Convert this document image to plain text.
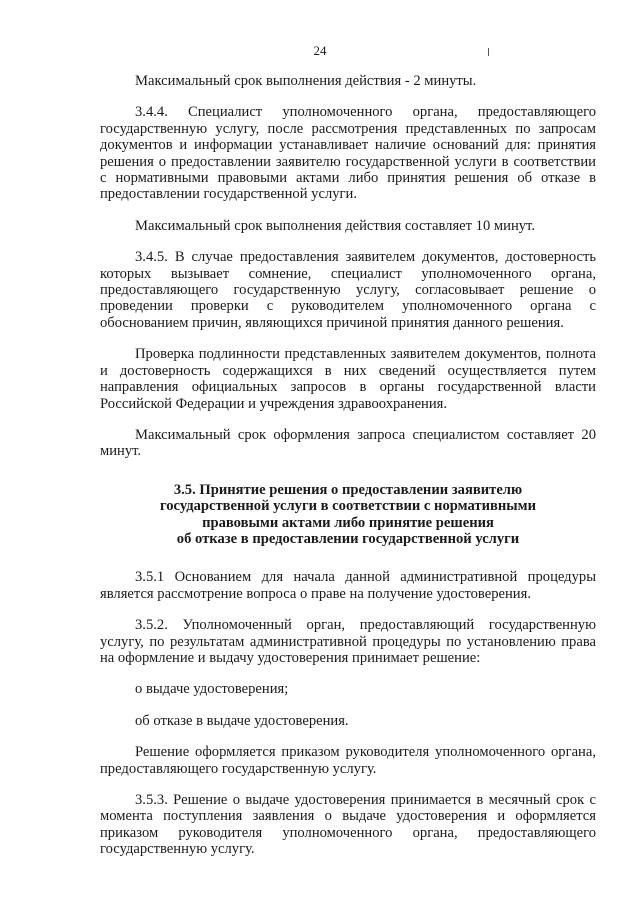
24

Максимальный срок выполнения действия - 2 минуты.

3.4.4. Специалист уполномоченного органа, предоставляющего государственную услугу, после рассмотрения представленных по запросам документов и информации устанавливает наличие оснований для: принятия решения о предоставлении заявителю государственной услуги в соответствии с нормативными правовыми актами либо принятия решения об отказе в предоставлении государственной услуги.

Максимальный срок выполнения действия составляет 10 минут.

3.4.5. В случае предоставления заявителем документов, достоверность которых вызывает сомнение, специалист уполномоченного органа, предоставляющего государственную услугу, согласовывает решение о проведении проверки с руководителем уполномоченного органа с обоснованием причин, являющихся причиной принятия данного решения.

Проверка подлинности представленных заявителем документов, полнота и достоверность содержащихся в них сведений осуществляется путем направления официальных запросов в органы государственной власти Российской Федерации и учреждения здравоохранения.

Максимальный срок оформления запроса специалистом составляет 20 минут.

3.5. Принятие решения о предоставлении заявителю
государственной услуги в соответствии с нормативными
правовыми актами либо принятие решения
об отказе в предоставлении государственной услуги

3.5.1 Основанием для начала данной административной процедуры является рассмотрение вопроса о праве на получение удостоверения.

3.5.2. Уполномоченный орган, предоставляющий государственную услугу, по результатам административной процедуры по установлению права на оформление и выдачу удостоверения принимает решение:

о выдаче удостоверения;

об отказе в выдаче удостоверения.

Решение оформляется приказом руководителя уполномоченного органа, предоставляющего государственную услугу.

3.5.3. Решение о выдаче удостоверения принимается в месячный срок с момента поступления заявления о выдаче удостоверения и оформляется приказом руководителя уполномоченного органа, предоставляющего государственную услугу.
